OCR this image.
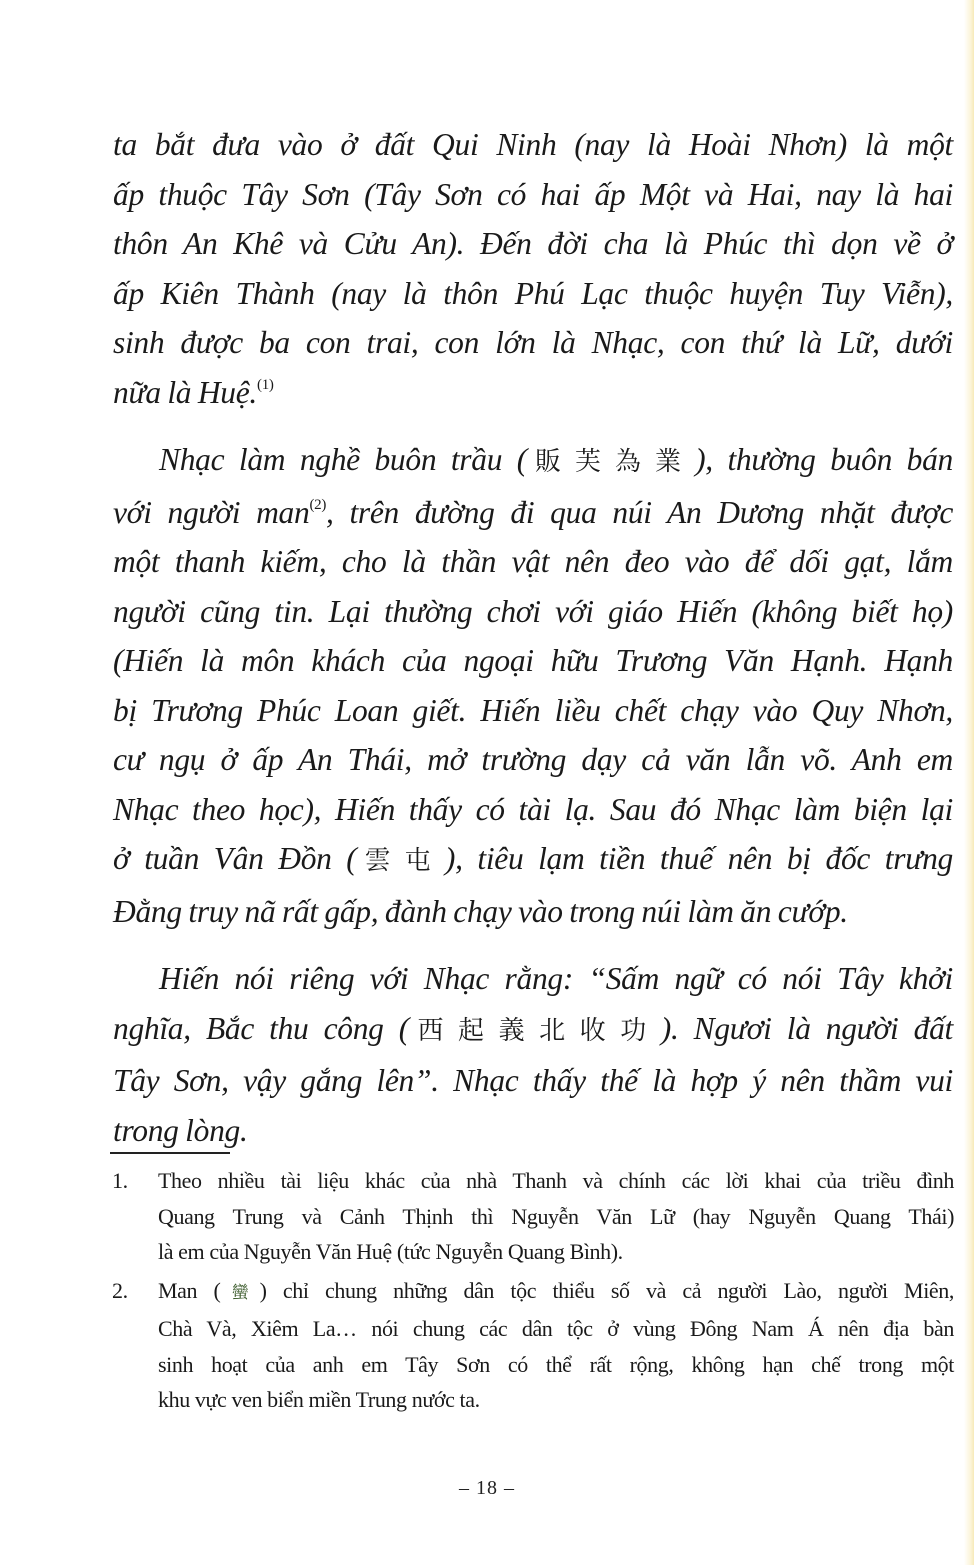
ta bắt đưa vào ở đất Qui Ninh (nay là Hoài Nhơn) là một
ấp thuộc Tây Sơn (Tây Sơn có hai ấp Một và Hai, nay là hai
thôn An Khê và Cửu An). Đến đời cha là Phúc thì dọn về ở
ấp Kiên Thành (nay là thôn Phú Lạc thuộc huyện Tuy Viễn),
sinh được ba con trai, con lớn là Nhạc, con thứ là Lữ, dưới
nữa là Huệ.$^{(1)}$

Nhạc làm nghề buôn trầu (販芙為業), thường buôn bán
với người man$^{(2)}$, trên đường đi qua núi An Dương nhặt được
một thanh kiếm, cho là thần vật nên đeo vào để dối gạt, lắm
người cũng tin. Lại thường chơi với giáo Hiến (không biết họ)
(Hiến là môn khách của ngoại hữu Trương Văn Hạnh. Hạnh
bị Trương Phúc Loan giết. Hiến liều chết chạy vào Quy Nhơn,
cư ngụ ở ấp An Thái, mở trường dạy cả văn lẫn võ. Anh em
Nhạc theo học), Hiến thấy có tài lạ. Sau đó Nhạc làm biện lại
ở tuần Vân Đồn (雲屯), tiêu lạm tiền thuế nên bị đốc trưng
Đằng truy nã rất gấp, đành chạy vào trong núi làm ăn cướp.

Hiến nói riêng với Nhạc rằng: “Sấm ngữ có nói Tây khởi
nghĩa, Bắc thu công (西起義北收功). Ngươi là người đất
Tây Sơn, vậy gắng lên”. Nhạc thấy thế là hợp ý nên thầm vui
trong lòng.

1.	Theo nhiều tài liệu khác của nhà Thanh và chính các lời khai của triều đình
Quang Trung và Cảnh Thịnh thì Nguyễn Văn Lữ (hay Nguyễn Quang Thái)
là em của Nguyễn Văn Huệ (tức Nguyễn Quang Bình).
2.	Man (蠻) chỉ chung những dân tộc thiểu số và cả người Lào, người Miên,
Chà Và, Xiêm La… nói chung các dân tộc ở vùng Đông Nam Á nên địa bàn
sinh hoạt của anh em Tây Sơn có thể rất rộng, không hạn chế trong một
khu vực ven biển miền Trung nước ta.
– 18 –
